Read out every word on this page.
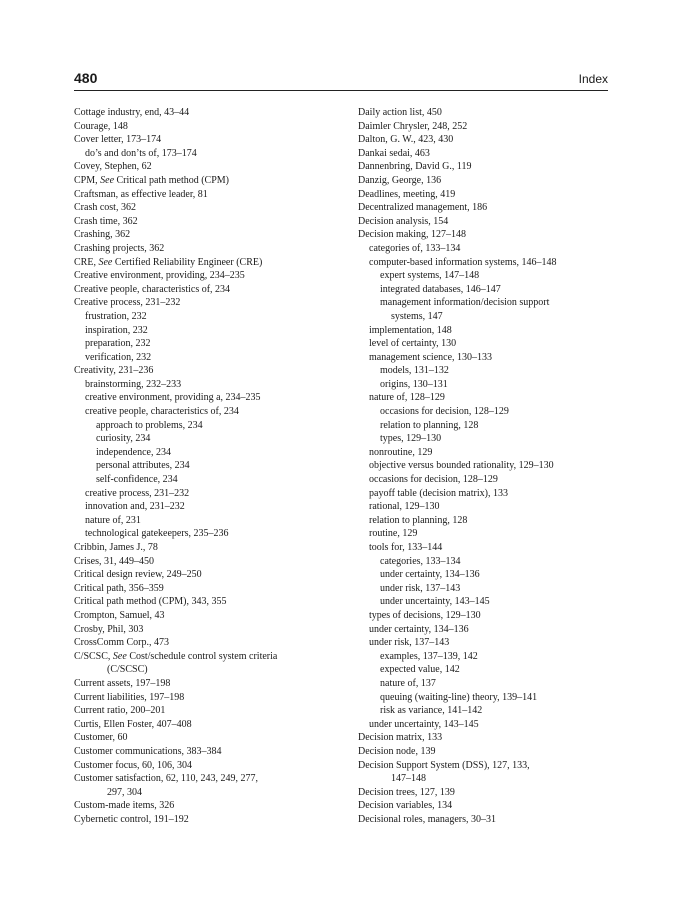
480	Index
Cottage industry, end, 43–44
Courage, 148
Cover letter, 173–174
do’s and don’ts of, 173–174
Covey, Stephen, 62
CPM, See Critical path method (CPM)
Craftsman, as effective leader, 81
Crash cost, 362
Crash time, 362
Crashing, 362
Crashing projects, 362
CRE, See Certified Reliability Engineer (CRE)
Creative environment, providing, 234–235
Creative people, characteristics of, 234
Creative process, 231–232
frustration, 232
inspiration, 232
preparation, 232
verification, 232
Creativity, 231–236
brainstorming, 232–233
creative environment, providing a, 234–235
creative people, characteristics of, 234
approach to problems, 234
curiosity, 234
independence, 234
personal attributes, 234
self-confidence, 234
creative process, 231–232
innovation and, 231–232
nature of, 231
technological gatekeepers, 235–236
Cribbin, James J., 78
Crises, 31, 449–450
Critical design review, 249–250
Critical path, 356–359
Critical path method (CPM), 343, 355
Crompton, Samuel, 43
Crosby, Phil, 303
CrossComm Corp., 473
C/SCSC, See Cost/schedule control system criteria
(C/SCSC)
Current assets, 197–198
Current liabilities, 197–198
Current ratio, 200–201
Curtis, Ellen Foster, 407–408
Customer, 60
Customer communications, 383–384
Customer focus, 60, 106, 304
Customer satisfaction, 62, 110, 243, 249, 277,
297, 304
Custom-made items, 326
Cybernetic control, 191–192
Daily action list, 450
Daimler Chrysler, 248, 252
Dalton, G. W., 423, 430
Dankai sedai, 463
Dannenbring, David G., 119
Danzig, George, 136
Deadlines, meeting, 419
Decentralized management, 186
Decision analysis, 154
Decision making, 127–148
categories of, 133–134
computer-based information systems, 146–148
expert systems, 147–148
integrated databases, 146–147
management information/decision support
systems, 147
implementation, 148
level of certainty, 130
management science, 130–133
models, 131–132
origins, 130–131
nature of, 128–129
occasions for decision, 128–129
relation to planning, 128
types, 129–130
nonroutine, 129
objective versus bounded rationality, 129–130
occasions for decision, 128–129
payoff table (decision matrix), 133
rational, 129–130
relation to planning, 128
routine, 129
tools for, 133–144
categories, 133–134
under certainty, 134–136
under risk, 137–143
under uncertainty, 143–145
types of decisions, 129–130
under certainty, 134–136
under risk, 137–143
examples, 137–139, 142
expected value, 142
nature of, 137
queuing (waiting-line) theory, 139–141
risk as variance, 141–142
under uncertainty, 143–145
Decision matrix, 133
Decision node, 139
Decision Support System (DSS), 127, 133,
147–148
Decision trees, 127, 139
Decision variables, 134
Decisional roles, managers, 30–31
